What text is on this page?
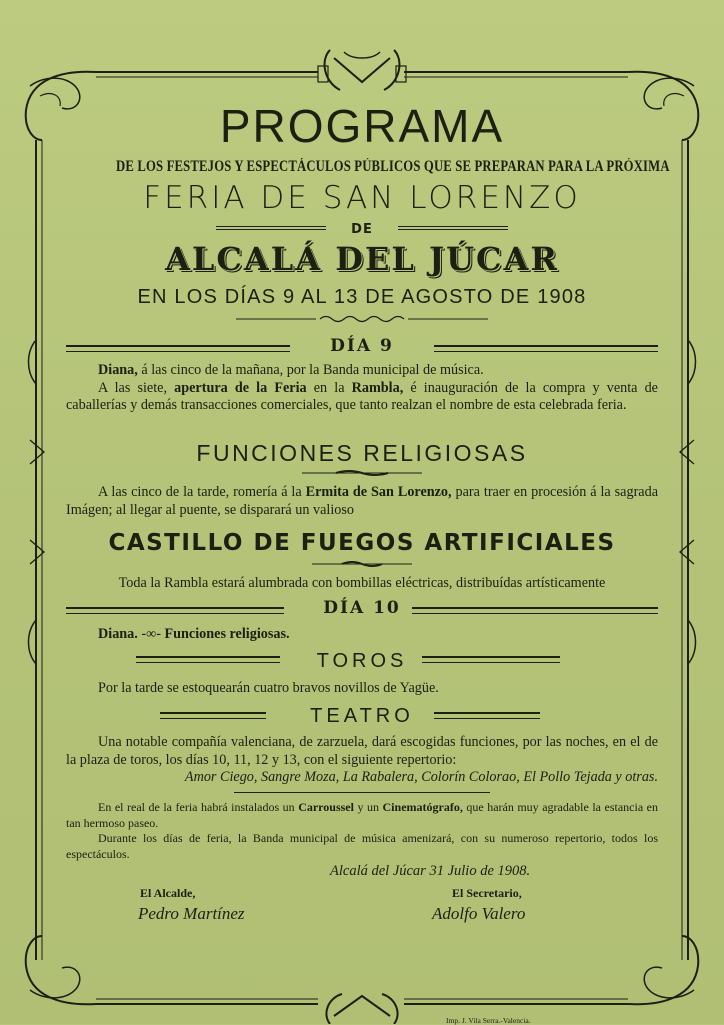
PROGRAMA
DE LOS FESTEJOS Y ESPECTÁCULOS PÚBLICOS QUE SE PREPARAN PARA LA PRÓXIMA
FERIA DE SAN LORENZO
DE
ALCALÁ DEL JÚCAR
EN LOS DÍAS 9 AL 13 DE AGOSTO DE 1908
DÍA 9

Diana, á las cinco de la mañana, por la Banda municipal de música.

A las siete, apertura de la Feria en la Rambla, é inauguración de la compra y venta de caballerías y demás transacciones comerciales, que tanto realzan el nombre de esta celebrada feria.

FUNCIONES RELIGIOSAS

A las cinco de la tarde, romería á la Ermita de San Lorenzo, para traer en procesión á la sagrada Imágen; al llegar al puente, se disparará un valioso

CASTILLO DE FUEGOS ARTIFICIALES
Toda la Rambla estará alumbrada con bombillas eléctricas, distribuídas artísticamente
DÍA 10

Diana. -∞- Funciones religiosas.

TOROS

Por la tarde se estoquearán cuatro bravos novillos de Yagüe.

TEATRO

Una notable compañía valenciana, de zarzuela, dará escogidas funciones, por las noches, en el de la plaza de toros, los días 10, 11, 12 y 13, con el siguiente repertorio:

Amor Ciego, Sangre Moza, La Rabalera, Colorín Colorao, El Pollo Tejada y otras.

En el real de la feria habrá instalados un Carroussel y un Cinematógrafo, que harán muy agradable la estancia en tan hermoso paseo.

Durante los días de feria, la Banda municipal de música amenizará, con su numeroso repertorio, todos los espectáculos.

Alcalá del Júcar 31 Julio de 1908.
El Alcalde,	El Secretario,
Pedro Martínez	Adolfo Valero
Imp. J. Vila Serra.-Valencia.
